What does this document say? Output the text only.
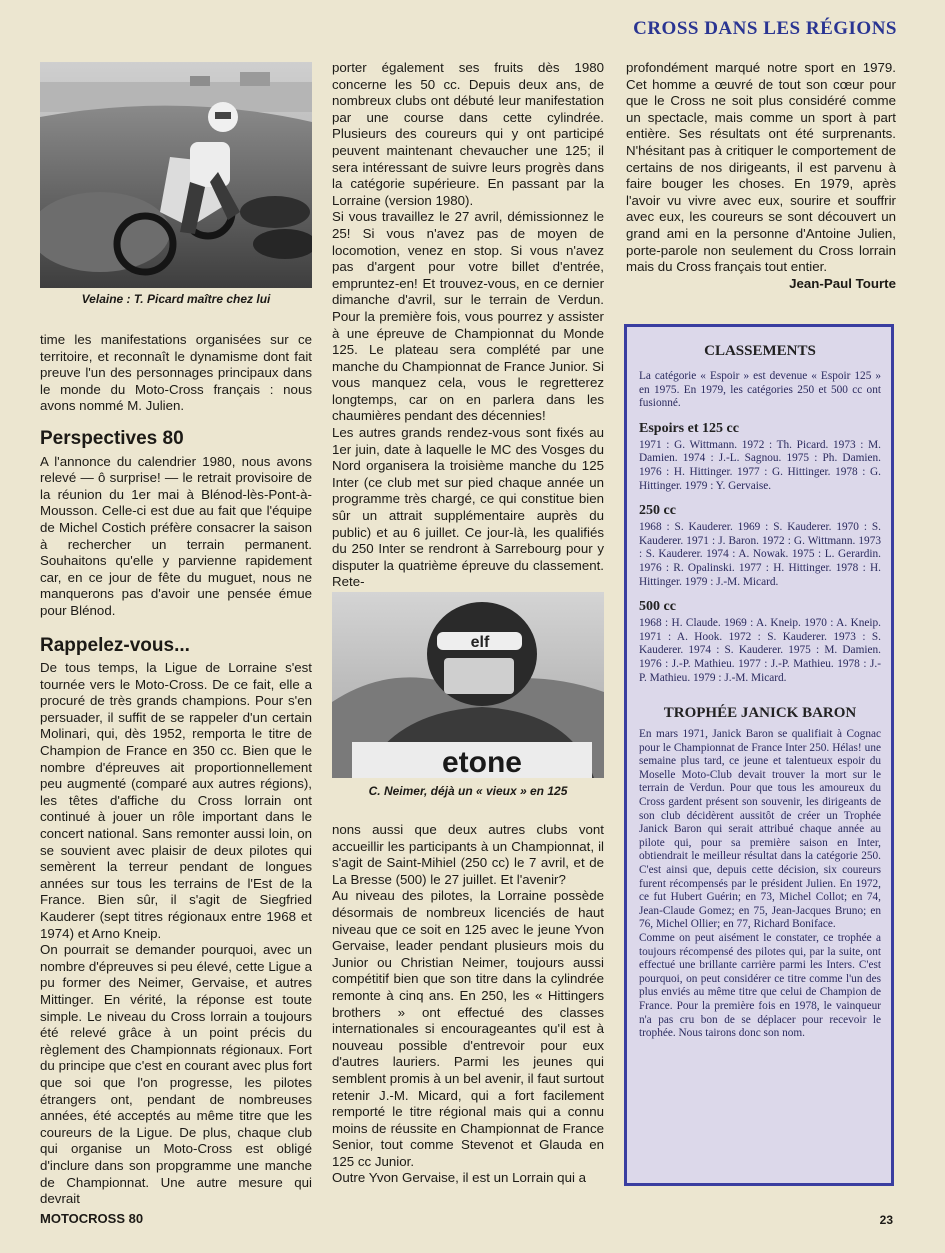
CROSS DANS LES RÉGIONS
Velaine : T. Picard maître chez lui

time les manifestations organisées sur ce territoire, et reconnaît le dynamisme dont fait preuve l'un des personnages principaux dans le monde du Moto-Cross français : nous avons nommé M. Julien.

Perspectives 80

A l'annonce du calendrier 1980, nous avons relevé — ô surprise! — le retrait provisoire de la réunion du 1er mai à Blénod-lès-Pont-à-Mousson. Celle-ci est due au fait que l'équipe de Michel Costich préfère consacrer la saison à rechercher un terrain permanent. Souhaitons qu'elle y parvienne rapidement car, en ce jour de fête du muguet, nous ne manquerons pas d'avoir une pensée émue pour Blénod.

Rappelez-vous...

De tous temps, la Ligue de Lorraine s'est tournée vers le Moto-Cross. De ce fait, elle a procuré de très grands champions. Pour s'en persuader, il suffit de se rappeler d'un certain Molinari, qui, dès 1952, remporta le titre de Champion de France en 350 cc. Bien que le nombre d'épreuves ait proportionnellement peu augmenté (comparé aux autres régions), les têtes d'affiche du Cross lorrain ont continué à jouer un rôle important dans le concert national. Sans remonter aussi loin, on se souvient avec plaisir de deux pilotes qui semèrent la terreur pendant de longues années sur tous les terrains de l'Est de la France. Bien sûr, il s'agit de Siegfried Kauderer (sept titres régionaux entre 1968 et 1974) et Arno Kneip.

On pourrait se demander pourquoi, avec un nombre d'épreuves si peu élevé, cette Ligue a pu former des Neimer, Gervaise, et autres Mittinger. En vérité, la réponse est toute simple. Le niveau du Cross lorrain a toujours été relevé grâce à un point précis du règlement des Championnats régionaux. Fort du principe que c'est en courant avec plus fort que soi que l'on progresse, les pilotes étrangers ont, pendant de nombreuses années, été acceptés au même titre que les coureurs de la Ligue. De plus, chaque club qui organise un Moto-Cross est obligé d'inclure dans son propgramme une manche de Championnat. Une autre mesure qui devrait

porter également ses fruits dès 1980 concerne les 50 cc. Depuis deux ans, de nombreux clubs ont débuté leur manifestation par une course dans cette cylindrée. Plusieurs des coureurs qui y ont participé peuvent maintenant chevaucher une 125; il sera intéressant de suivre leurs progrès dans la catégorie supérieure. En passant par la Lorraine (version 1980).

Si vous travaillez le 27 avril, démissionnez le 25! Si vous n'avez pas de moyen de locomotion, venez en stop. Si vous n'avez pas d'argent pour votre billet d'entrée, empruntez-en! Et trouvez-vous, en ce dernier dimanche d'avril, sur le terrain de Verdun. Pour la première fois, vous pourrez y assister à une épreuve de Championnat du Monde 125. Le plateau sera complété par une manche du Championnat de France Junior. Si vous manquez cela, vous le regretterez longtemps, car on en parlera dans les chaumières pendant des décennies!

Les autres grands rendez-vous sont fixés au 1er juin, date à laquelle le MC des Vosges du Nord organisera la troisième manche du 125 Inter (ce club met sur pied chaque année un programme très chargé, ce qui constitue bien sûr un attrait supplémentaire auprès du public) et au 6 juillet. Ce jour-là, les qualifiés du 250 Inter se rendront à Sarrebourg pour y disputer la quatrième épreuve du classement. Rete-

elf
etone
C. Neimer, déjà un « vieux » en 125

nons aussi que deux autres clubs vont accueillir les participants à un Championnat, il s'agit de Saint-Mihiel (250 cc) le 7 avril, et de La Bresse (500) le 27 juillet. Et l'avenir?

Au niveau des pilotes, la Lorraine possède désormais de nombreux licenciés de haut niveau que ce soit en 125 avec le jeune Yvon Gervaise, leader pendant plusieurs mois du Junior ou Christian Neimer, toujours aussi compétitif bien que son titre dans la cylindrée remonte à cinq ans. En 250, les « Hittingers brothers » ont effectué des classes internationales si encourageantes qu'il est à nouveau possible d'entrevoir pour eux d'autres lauriers. Parmi les jeunes qui semblent promis à un bel avenir, il faut surtout retenir J.-M. Micard, qui a fort facilement remporté le titre régional mais qui a connu moins de réussite en Championnat de France Senior, tout comme Stevenot et Glauda en 125 cc Junior.

Outre Yvon Gervaise, il est un Lorrain qui a

profondément marqué notre sport en 1979. Cet homme a œuvré de tout son cœur pour que le Cross ne soit plus considéré comme un spectacle, mais comme un sport à part entière. Ses résultats ont été surprenants. N'hésitant pas à critiquer le comportement de certains de nos dirigeants, il est parvenu à faire bouger les choses. En 1979, après l'avoir vu vivre avec eux, sourire et souffrir avec eux, les coureurs se sont découvert un grand ami en la personne d'Antoine Julien, porte-parole non seulement du Cross lorrain mais du Cross français tout entier.

Jean-Paul Tourte

CLASSEMENTS

La catégorie « Espoir » est devenue « Espoir 125 » en 1975. En 1979, les catégories 250 et 500 cc ont fusionné.

Espoirs et 125 cc

1971 : G. Wittmann. 1972 : Th. Picard. 1973 : M. Damien. 1974 : J.-L. Sagnou. 1975 : Ph. Damien. 1976 : H. Hittinger. 1977 : G. Hittinger. 1978 : G. Hittinger. 1979 : Y. Gervaise.

250 cc

1968 : S. Kauderer. 1969 : S. Kauderer. 1970 : S. Kauderer. 1971 : J. Baron. 1972 : G. Wittmann. 1973 : S. Kauderer. 1974 : A. Nowak. 1975 : L. Gerardin. 1976 : R. Opalinski. 1977 : H. Hittinger. 1978 : H. Hittinger. 1979 : J.-M. Micard.

500 cc

1968 : H. Claude. 1969 : A. Kneip. 1970 : A. Kneip. 1971 : A. Hook. 1972 : S. Kauderer. 1973 : S. Kauderer. 1974 : S. Kauderer. 1975 : M. Damien. 1976 : J.-P. Mathieu. 1977 : J.-P. Mathieu. 1978 : J.-P. Mathieu. 1979 : J.-M. Micard.

TROPHÉE JANICK BARON

En mars 1971, Janick Baron se qualifiait à Cognac pour le Championnat de France Inter 250. Hélas! une semaine plus tard, ce jeune et talentueux espoir du Moselle Moto-Club devait trouver la mort sur le terrain de Verdun. Pour que tous les amoureux du Cross gardent présent son souvenir, les dirigeants de son club décidèrent aussitôt de créer un Trophée Janick Baron qui serait attribué chaque année au pilote qui, pour sa première saison en Inter, obtiendrait le meilleur résultat dans la catégorie 250. C'est ainsi que, depuis cette décision, six coureurs furent récompensés par le président Julien. En 1972, ce fut Hubert Guérin; en 73, Michel Collot; en 74, Jean-Claude Gomez; en 75, Jean-Jacques Bruno; en 76, Michel Ollier; en 77, Richard Boniface.

Comme on peut aisément le constater, ce trophée a toujours récompensé des pilotes qui, par la suite, ont effectué une brillante carrière parmi les Inters. C'est pourquoi, on peut considérer ce titre comme l'un des plus enviés au même titre que celui de Champion de France. Pour la première fois en 1978, le vainqueur n'a pas cru bon de se déplacer pour recevoir le trophée. Nous tairons donc son nom.

MOTOCROSS 80	23
